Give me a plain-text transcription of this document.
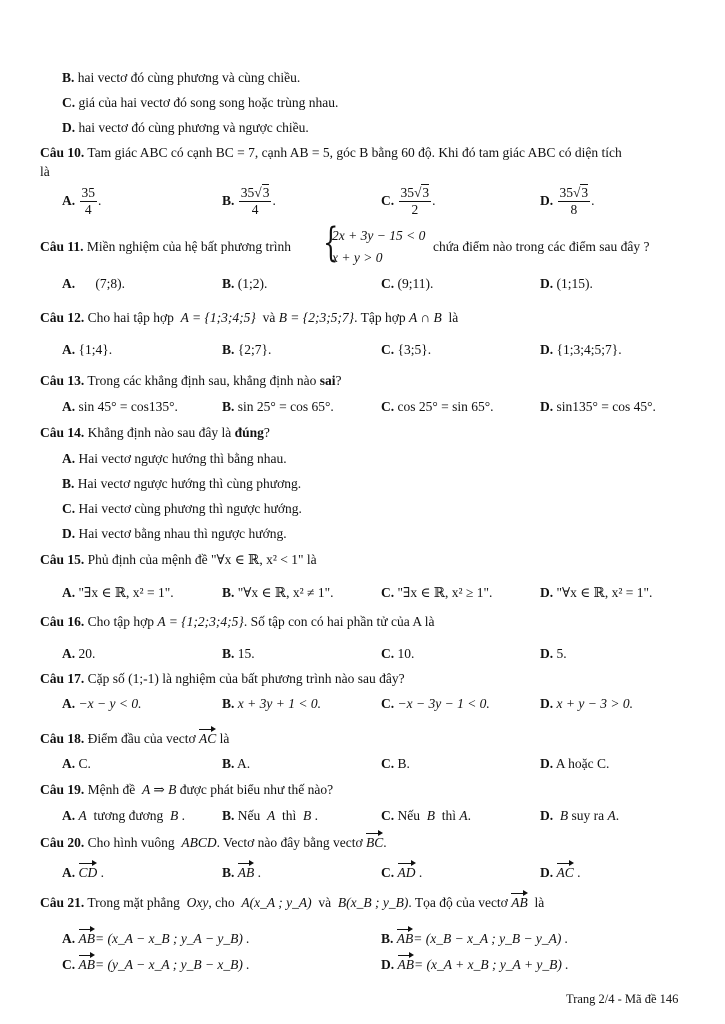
B. hai vectơ đó cùng phương và cùng chiều.
C. giá của hai vectơ đó song song hoặc trùng nhau.
D. hai vectơ đó cùng phương và ngược chiều.
Câu 10. Tam giác ABC có cạnh BC = 7, cạnh AB = 5, góc B bằng 60 độ. Khi đó tam giác ABC có diện tích
là
A. $\frac{35}{4}$ .	B. $\frac{35√3}{4}$ .	C. $\frac{35√3}{2}$ .	D. $\frac{35√3}{8}$ .
Câu 11. Miền nghiệm của hệ bất phương trình {
2x + 3y − 15 < 0
x + y > 0
chứa điểm nào trong các điểm sau đây ?
A. (7;8).	B. (1;2).	C. (9;11).	D. (1;15).
Câu 12. Cho hai tập hợp A = {1;3;4;5} và B = {2;3;5;7}. Tập hợp A ∩ B là
A. {1;4}.	B. {2;7}.	C. {3;5}.	D. {1;3;4;5;7}.
Câu 13. Trong các khẳng định sau, khẳng định nào sai?
A. sin 45° = cos135°.	B. sin 25° = cos 65°.	C. cos 25° = sin 65°.	D. sin135° = cos 45°.
Câu 14. Khẳng định nào sau đây là đúng?
A. Hai vectơ ngược hướng thì bằng nhau.
B. Hai vectơ ngược hướng thì cùng phương.
C. Hai vectơ cùng phương thì ngược hướng.
D. Hai vectơ bằng nhau thì ngược hướng.
Câu 15. Phủ định của mệnh đề "∀x ∈ ℝ, x² < 1" là
A. "∃x ∈ ℝ, x² = 1".	B. "∀x ∈ ℝ, x² ≠ 1".	C. "∃x ∈ ℝ, x² ≥ 1".	D. "∀x ∈ ℝ, x² = 1".
Câu 16. Cho tập hợp A = {1;2;3;4;5}. Số tập con có hai phần tử của A là
A. 20.	B. 15.	C. 10.	D. 5.
Câu 17. Cặp số (1;-1) là nghiệm của bất phương trình nào sau đây?
A. −x − y < 0.	B. x + 3y + 1 < 0.	C. −x − 3y − 1 < 0.	D. x + y − 3 > 0.
Câu 18. Điểm đầu của vectơ AC là
A. C.	B. A.	C. B.	D. A hoặc C.
Câu 19. Mệnh đề A ⇒ B được phát biểu như thế nào?
A. A tương đương B .	B. Nếu A thì B .	C. Nếu B thì A.	D. B suy ra A.
Câu 20. Cho hình vuông ABCD. Vectơ nào đây bằng vectơ BC.
A. CD .	B. AB .	C. AD .	D. AC .
Câu 21. Trong mặt phẳng Oxy, cho A(x_A ; y_A) và B(x_B ; y_B). Tọa độ của vectơ AB là
A. AB= (x_A − x_B ; y_A − y_B) .	B. AB= (x_B − x_A ; y_B − y_A) .
C. AB= (y_A − x_A ; y_B − x_B) .	D. AB= (x_A + x_B ; y_A + y_B) .
Trang 2/4 - Mã đề 146
